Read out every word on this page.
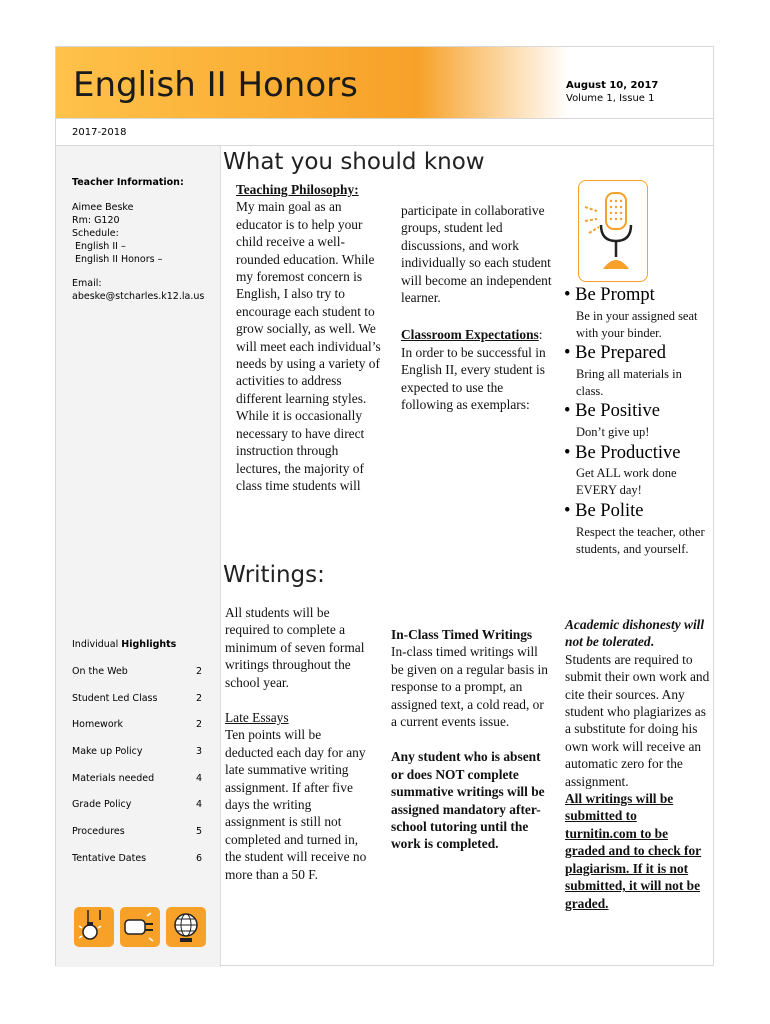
English II Honors	August 10, 2017
Volume 1, Issue 1
2017-2018
Teacher Information:
Aimee Beske
Rm: G120
Schedule:
English II –
English II Honors –
Email:
abeske@stcharles.k12.la.us
Individual Highlights
On the Web	2
Student Led Class	2
Homework	2
Make up Policy	3
Materials needed	4
Grade Policy	4
Procedures	5
Tentative Dates	6
What you should know
Teaching Philosophy:
My main goal as an educator is to help your child receive a well-rounded education. While my foremost concern is English, I also try to encourage each student to grow socially, as well. We will meet each individual’s needs by using a variety of activities to address different learning styles. While it is occasionally necessary to have direct instruction through lectures, the majority of class time students will
participate in collaborative groups, student led discussions, and work individually so each student will become an independent learner.
Classroom Expectations:
In order to be successful in English II, every student is expected to use the following as exemplars:
• Be Prompt
Be in your assigned seat with your binder.
• Be Prepared
Bring all materials in class.
• Be Positive
Don’t give up!
• Be Productive
Get ALL work done EVERY day!
• Be Polite
Respect the teacher, other students, and yourself.
Writings:
All students will be required to complete a minimum of seven formal writings throughout the school year.
Late Essays
Ten points will be deducted each day for any late summative writing assignment. If after five days the writing assignment is still not completed and turned in, the student will receive no more than a 50 F.
In-Class Timed Writings
In-class timed writings will be given on a regular basis in response to a prompt, an assigned text, a cold read, or a current events issue.
Any student who is absent or does NOT complete summative writings will be assigned mandatory after-school tutoring until the work is completed.
Academic dishonesty will not be tolerated.
Students are required to submit their own work and cite their sources. Any student who plagiarizes as a substitute for doing his own work will receive an automatic zero for the assignment.
All writings will be submitted to turnitin.com to be graded and to check for plagiarism. If it is not submitted, it will not be graded.
